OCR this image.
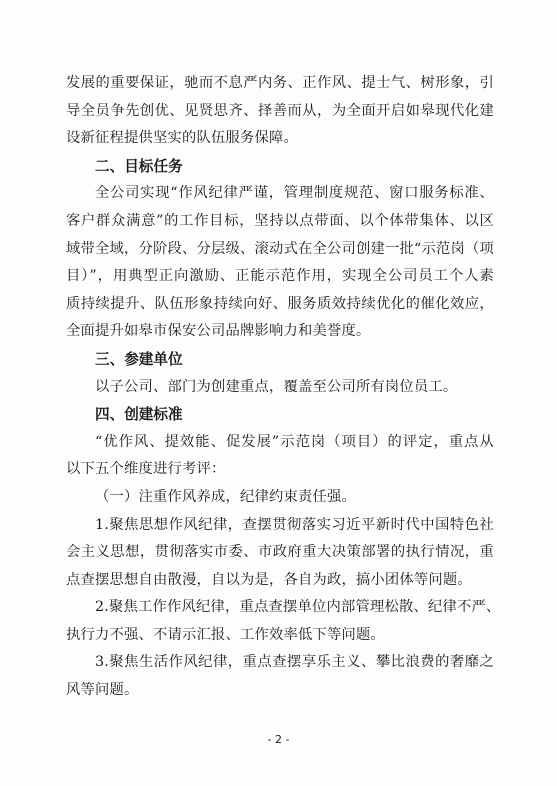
发展的重要保证，驰而不息严内务、正作风、提士气、树形象，引
导全员争先创优、见贤思齐、择善而从，为全面开启如皋现代化建
设新征程提供坚实的队伍服务保障。

二、目标任务

全公司实现“作风纪律严谨，管理制度规范、窗口服务标准、
客户群众满意”的工作目标，坚持以点带面、以个体带集体、以区
域带全域，分阶段、分层级、滚动式在全公司创建一批“示范岗（项
目）”，用典型正向激励、正能示范作用，实现全公司员工个人素
质持续提升、队伍形象持续向好、服务质效持续优化的催化效应，
全面提升如皋市保安公司品牌影响力和美誉度。

三、参建单位

以子公司、部门为创建重点，覆盖至公司所有岗位员工。

四、创建标准

“优作风、提效能、促发展”示范岗（项目）的评定，重点从
以下五个维度进行考评：

（一）注重作风养成，纪律约束责任强。

1.聚焦思想作风纪律，查摆贯彻落实习近平新时代中国特色社
会主义思想，贯彻落实市委、市政府重大决策部署的执行情况，重
点查摆思想自由散漫，自以为是，各自为政，搞小团体等问题。

2.聚焦工作作风纪律，重点查摆单位内部管理松散、纪律不严、
执行力不强、不请示汇报、工作效率低下等问题。

3.聚焦生活作风纪律，重点查摆享乐主义、攀比浪费的奢靡之
风等问题。

- 2 -
